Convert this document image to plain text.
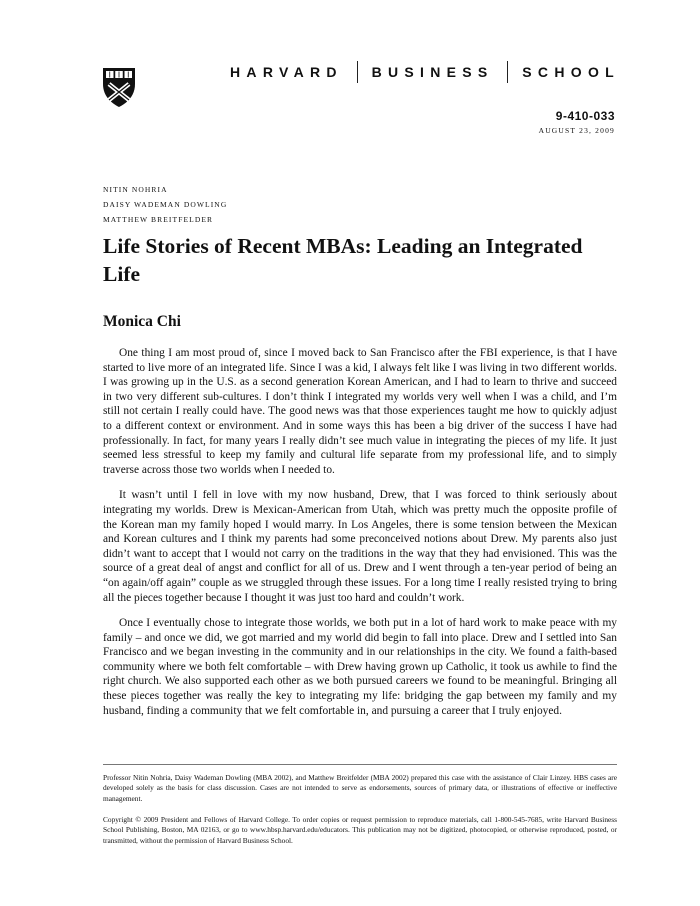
HARVARD BUSINESS SCHOOL
9-410-033
AUGUST 23, 2009
NITIN NOHRIA
DAISY WADEMAN DOWLING
MATTHEW BREITFELDER
Life Stories of Recent MBAs: Leading an Integrated Life
Monica Chi

One thing I am most proud of, since I moved back to San Francisco after the FBI experience, is that I have started to live more of an integrated life. Since I was a kid, I always felt like I was living in two different worlds. I was growing up in the U.S. as a second generation Korean American, and I had to learn to thrive and succeed in two very different sub-cultures. I don’t think I integrated my worlds very well when I was a child, and I’m still not certain I really could have. The good news was that those experiences taught me how to quickly adjust to a different context or environment. And in some ways this has been a big driver of the success I have had professionally. In fact, for many years I really didn’t see much value in integrating the pieces of my life. It just seemed less stressful to keep my family and cultural life separate from my professional life, and to simply traverse across those two worlds when I needed to.

It wasn’t until I fell in love with my now husband, Drew, that I was forced to think seriously about integrating my worlds. Drew is Mexican-American from Utah, which was pretty much the opposite profile of the Korean man my family hoped I would marry. In Los Angeles, there is some tension between the Mexican and Korean cultures and I think my parents had some preconceived notions about Drew. My parents also just didn’t want to accept that I would not carry on the traditions in the way that they had envisioned. This was the source of a great deal of angst and conflict for all of us. Drew and I went through a ten-year period of being an “on again/off again” couple as we struggled through these issues. For a long time I really resisted trying to bring all the pieces together because I thought it was just too hard and couldn’t work.

Once I eventually chose to integrate those worlds, we both put in a lot of hard work to make peace with my family – and once we did, we got married and my world did begin to fall into place. Drew and I settled into San Francisco and we began investing in the community and in our relationships in the city. We found a faith-based community where we both felt comfortable – with Drew having grown up Catholic, it took us awhile to find the right church. We also supported each other as we both pursued careers we found to be meaningful. Bringing all these pieces together was really the key to integrating my life: bridging the gap between my family and my husband, finding a community that we felt comfortable in, and pursuing a career that I truly enjoyed.

Professor Nitin Nohria, Daisy Wademan Dowling (MBA 2002), and Matthew Breitfelder (MBA 2002) prepared this case with the assistance of Clair Linzey. HBS cases are developed solely as the basis for class discussion. Cases are not intended to serve as endorsements, sources of primary data, or illustrations of effective or ineffective management.
Copyright © 2009 President and Fellows of Harvard College. To order copies or request permission to reproduce materials, call 1-800-545-7685, write Harvard Business School Publishing, Boston, MA 02163, or go to www.hbsp.harvard.edu/educators. This publication may not be digitized, photocopied, or otherwise reproduced, posted, or transmitted, without the permission of Harvard Business School.
